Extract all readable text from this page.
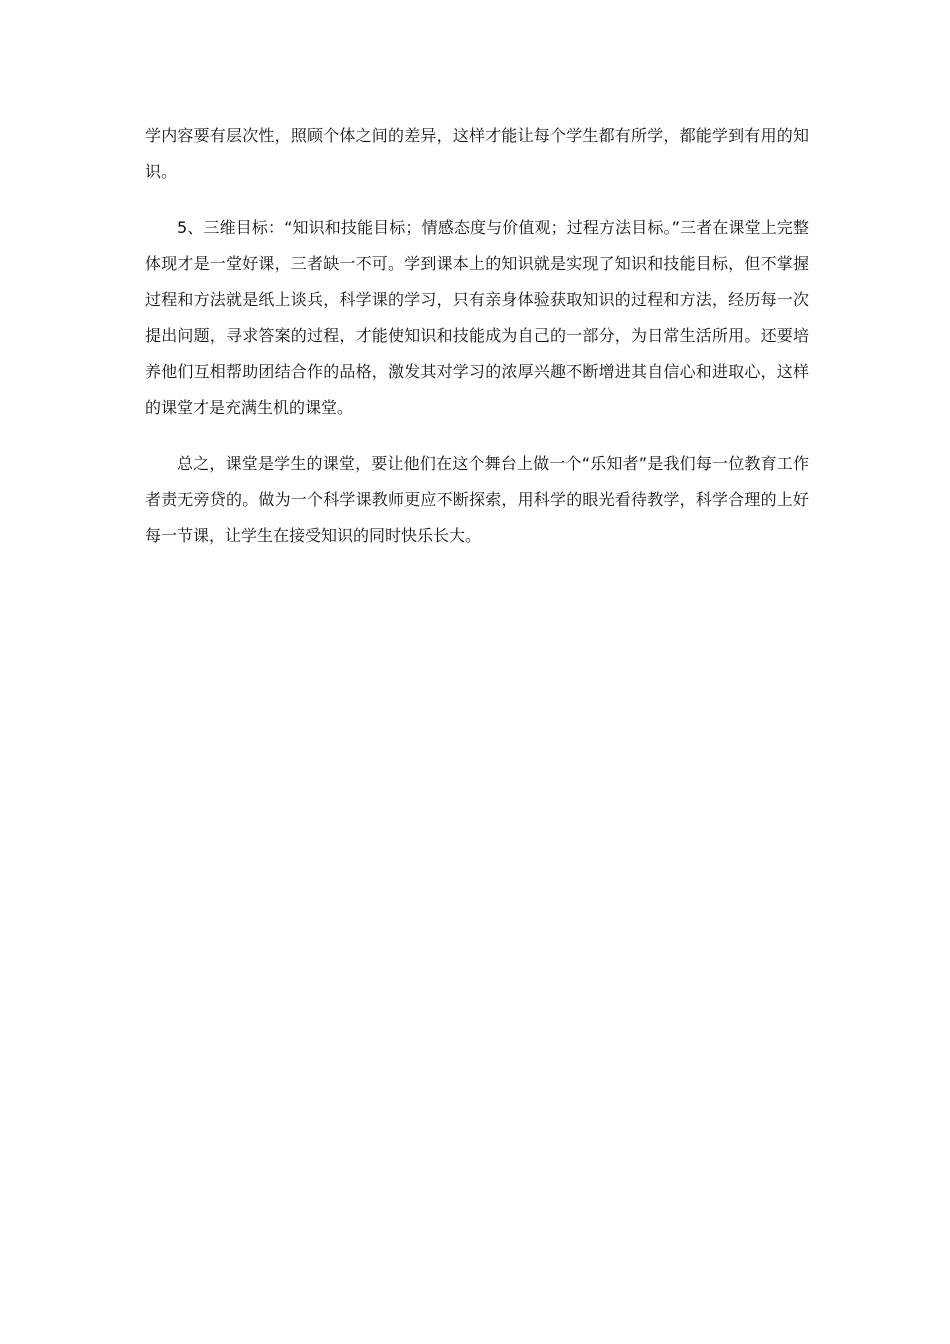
学内容要有层次性，照顾个体之间的差异，这样才能让每个学生都有所学，都能学到有用的知识。

5、三维目标：“知识和技能目标；情感态度与价值观；过程方法目标。”三者在课堂上完整体现才是一堂好课，三者缺一不可。学到课本上的知识就是实现了知识和技能目标，但不掌握过程和方法就是纸上谈兵，科学课的学习，只有亲身体验获取知识的过程和方法，经历每一次提出问题，寻求答案的过程，才能使知识和技能成为自己的一部分，为日常生活所用。还要培养他们互相帮助团结合作的品格，激发其对学习的浓厚兴趣不断增进其自信心和进取心，这样的课堂才是充满生机的课堂。

总之，课堂是学生的课堂，要让他们在这个舞台上做一个“乐知者”是我们每一位教育工作者责无旁贷的。做为一个科学课教师更应不断探索，用科学的眼光看待教学，科学合理的上好每一节课，让学生在接受知识的同时快乐长大。
